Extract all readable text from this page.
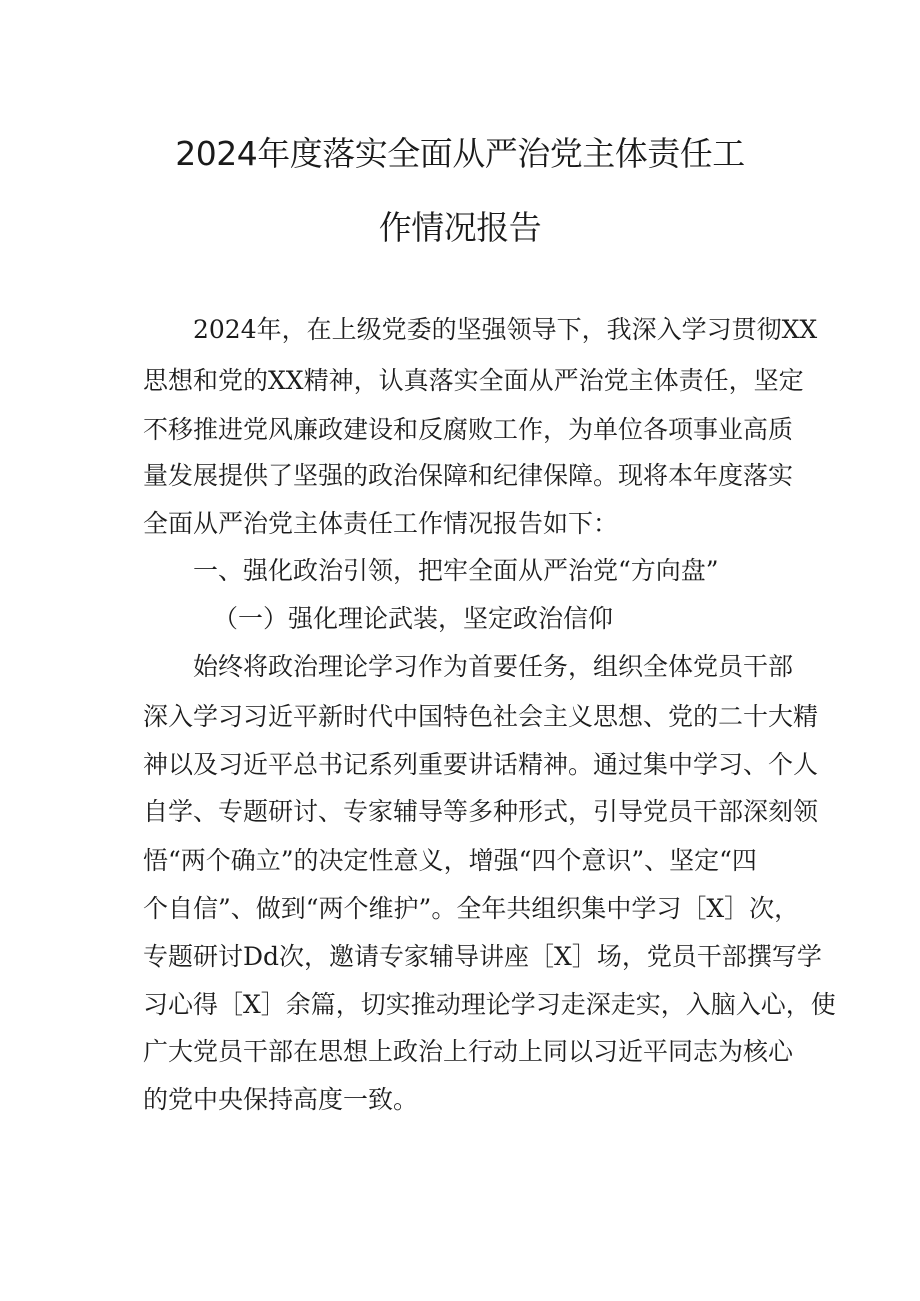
2024年度落实全面从严治党主体责任工
作情况报告
2024年，在上级党委的坚强领导下，我深入学习贯彻XX
思想和党的XX精神，认真落实全面从严治党主体责任，坚定
不移推进党风廉政建设和反腐败工作，为单位各项事业高质
量发展提供了坚强的政治保障和纪律保障。现将本年度落实
全面从严治党主体责任工作情况报告如下：
一、强化政治引领，把牢全面从严治党“方向盘”
（一）强化理论武装，坚定政治信仰
始终将政治理论学习作为首要任务，组织全体党员干部
深入学习习近平新时代中国特色社会主义思想、党的二十大精
神以及习近平总书记系列重要讲话精神。通过集中学习、个人
自学、专题研讨、专家辅导等多种形式，引导党员干部深刻领
悟“两个确立”的决定性意义，增强“四个意识”、坚定“四
个自信”、做到“两个维护”。全年共组织集中学习［X］次，
专题研讨Dd次，邀请专家辅导讲座［X］场，党员干部撰写学
习心得［X］余篇，切实推动理论学习走深走实，入脑入心，使
广大党员干部在思想上政治上行动上同以习近平同志为核心
的党中央保持高度一致。
